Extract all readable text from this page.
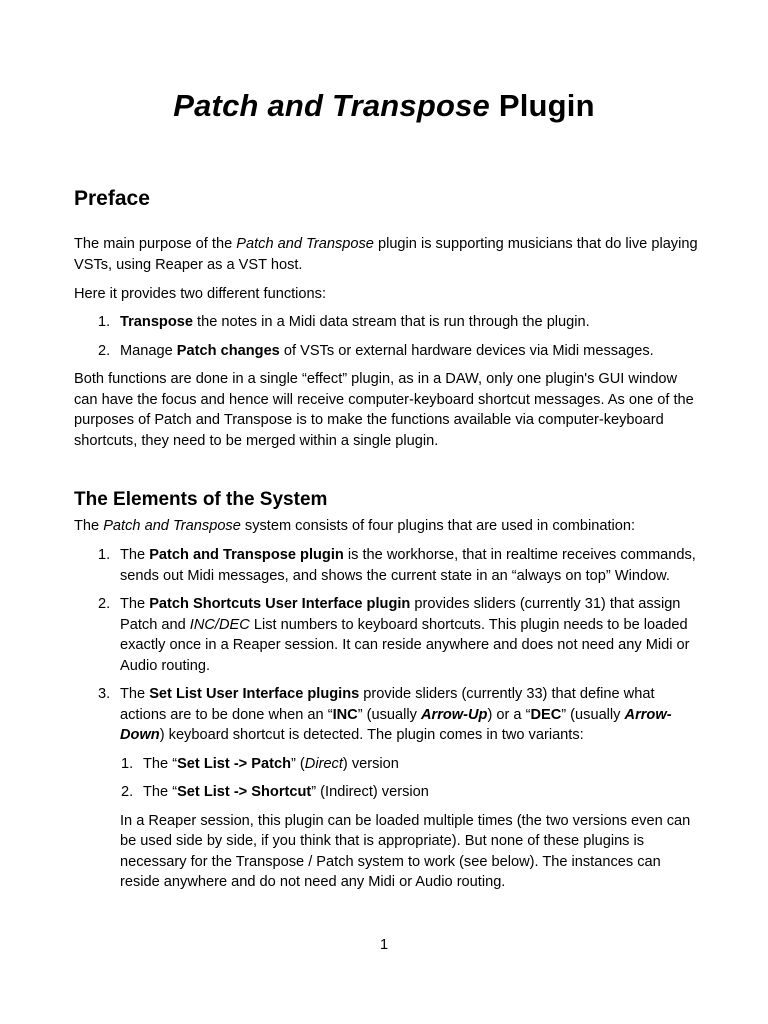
Patch and Transpose Plugin
Preface

The main purpose of the Patch and Transpose plugin is supporting musicians that do live playing VSTs, using Reaper as a VST host.

Here it provides two different functions:

1. Transpose the notes in a Midi data stream that is run through the plugin.
2. Manage Patch changes of VSTs or external hardware devices via Midi messages.

Both functions are done in a single “effect” plugin, as in a DAW, only one plugin's GUI window can have the focus and hence will receive computer-keyboard shortcut messages. As one of the purposes of Patch and Transpose is to make the functions available via computer-keyboard shortcuts, they need to be merged within a single plugin.

The Elements of the System

The Patch and Transpose system consists of four plugins that are used in combination:

1. The Patch and Transpose plugin is the workhorse, that in realtime receives commands, sends out Midi messages, and shows the current state in an “always on top” Window.
2. The Patch Shortcuts User Interface plugin provides sliders (currently 31) that assign Patch and INC/DEC List numbers to keyboard shortcuts. This plugin needs to be loaded exactly once in a Reaper session. It can reside anywhere and does not need any Midi or Audio routing.
3. The Set List User Interface plugins provide sliders (currently 33) that define what actions are to be done when an “INC” (usually Arrow-Up) or a “DEC” (usually Arrow-Down) keyboard shortcut is detected. The plugin comes in two variants:
1. The “Set List -> Patch” (Direct) version
2. The “Set List -> Shortcut” (Indirect) version

In a Reaper session, this plugin can be loaded multiple times (the two versions even can be used side by side, if you think that is appropriate). But none of these plugins is necessary for the Transpose / Patch system to work (see below). The instances can reside anywhere and do not need any Midi or Audio routing.

1
